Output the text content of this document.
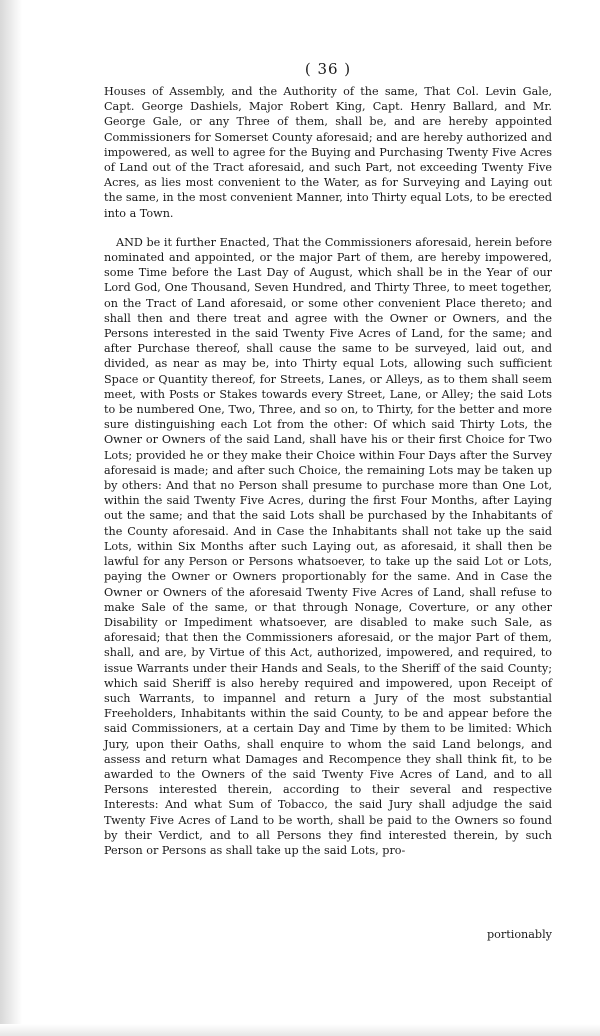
( 36 )

Houses of Assembly, and the Authority of the same, That Col. Levin Gale, Capt. George Dashiels, Major Robert King, Capt. Henry Ballard, and Mr. George Gale, or any Three of them, shall be, and are hereby appointed Commissioners for Somerset County aforesaid; and are hereby authorized and impowered, as well to agree for the Buying and Purchasing Twenty Five Acres of Land out of the Tract aforesaid, and such Part, not exceeding Twenty Five Acres, as lies most convenient to the Water, as for Surveying and Laying out the same, in the most convenient Manner, into Thirty equal Lots, to be erected into a Town.

AND be it further Enacted, That the Commissioners aforesaid, herein before nominated and appointed, or the major Part of them, are hereby impowered, some Time before the Last Day of August, which shall be in the Year of our Lord God, One Thousand, Seven Hundred, and Thirty Three, to meet together, on the Tract of Land aforesaid, or some other convenient Place thereto; and shall then and there treat and agree with the Owner or Owners, and the Persons interested in the said Twenty Five Acres of Land, for the same; and after Purchase thereof, shall cause the same to be surveyed, laid out, and divided, as near as may be, into Thirty equal Lots, allowing such sufficient Space or Quantity thereof, for Streets, Lanes, or Alleys, as to them shall seem meet, with Posts or Stakes towards every Street, Lane, or Alley; the said Lots to be numbered One, Two, Three, and so on, to Thirty, for the better and more sure distinguishing each Lot from the other: Of which said Thirty Lots, the Owner or Owners of the said Land, shall have his or their first Choice for Two Lots; provided he or they make their Choice within Four Days after the Survey aforesaid is made; and after such Choice, the remaining Lots may be taken up by others: And that no Person shall presume to purchase more than One Lot, within the said Twenty Five Acres, during the first Four Months, after Laying out the same; and that the said Lots shall be purchased by the Inhabitants of the County aforesaid. And in Case the Inhabitants shall not take up the said Lots, within Six Months after such Laying out, as aforesaid, it shall then be lawful for any Person or Persons whatsoever, to take up the said Lot or Lots, paying the Owner or Owners proportionably for the same. And in Case the Owner or Owners of the aforesaid Twenty Five Acres of Land, shall refuse to make Sale of the same, or that through Nonage, Coverture, or any other Disability or Impediment whatsoever, are disabled to make such Sale, as aforesaid; that then the Commissioners aforesaid, or the major Part of them, shall, and are, by Virtue of this Act, authorized, impowered, and required, to issue Warrants under their Hands and Seals, to the Sheriff of the said County; which said Sheriff is also hereby required and impowered, upon Receipt of such Warrants, to impannel and return a Jury of the most substantial Freeholders, Inhabitants within the said County, to be and appear before the said Commissioners, at a certain Day and Time by them to be limited: Which Jury, upon their Oaths, shall enquire to whom the said Land belongs, and assess and return what Damages and Recompence they shall think fit, to be awarded to the Owners of the said Twenty Five Acres of Land, and to all Persons interested therein, according to their several and respective Interests: And what Sum of Tobacco, the said Jury shall adjudge the said Twenty Five Acres of Land to be worth, shall be paid to the Owners so found by their Verdict, and to all Persons they find interested therein, by such Person or Persons as shall take up the said Lots, pro-

portionably
